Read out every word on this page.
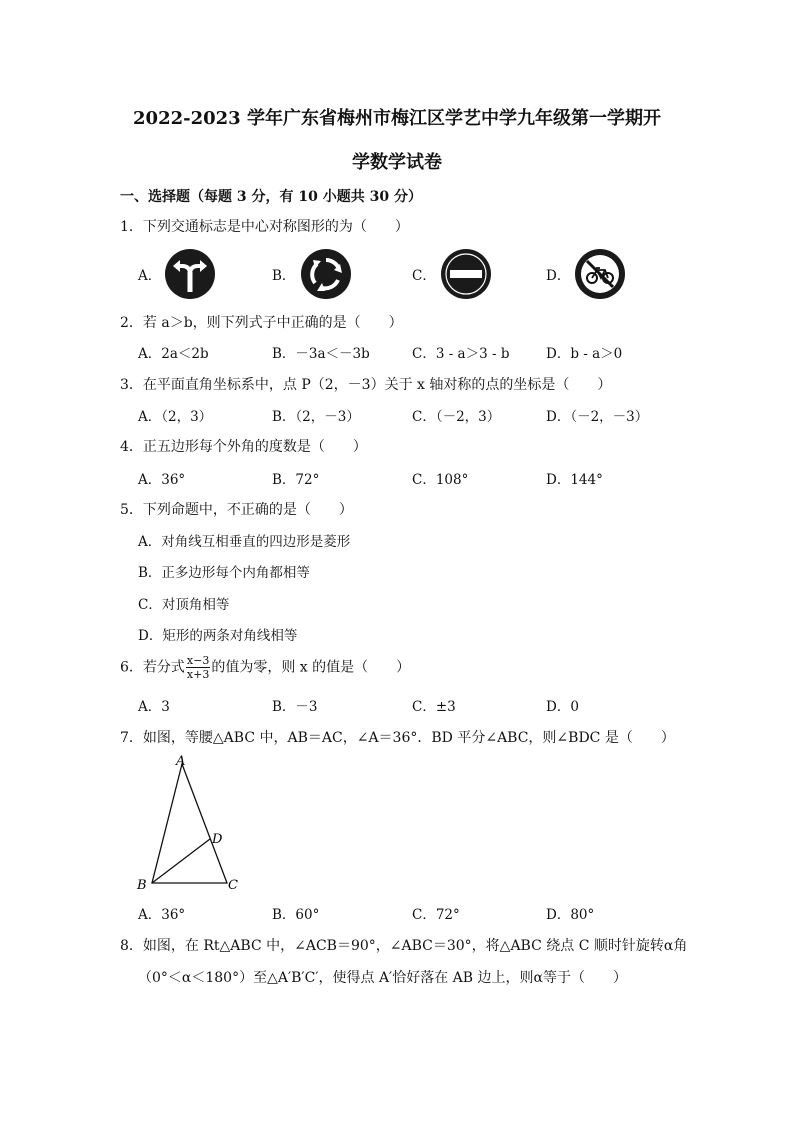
2022-2023 学年广东省梅州市梅江区学艺中学九年级第一学期开
学数学试卷
一、选择题（每题 3 分，有 10 小题共 30 分）
1．下列交通标志是中心对称图形的为（　　）
A．	B．	C．	D．
2．若 a＞b，则下列式子中正确的是（　　）
A．2a＜2b	B．－3a＜－3b	C．3 - a＞3 - b	D．b - a＞0
3．在平面直角坐标系中，点 P（2，－3）关于 x 轴对称的点的坐标是（　　）
A．（2，3）	B．（2，－3）	C．（－2，3）	D．（－2，－3）
4．正五边形每个外角的度数是（　　）
A．36°	B．72°	C．108°	D．144°
5．下列命题中，不正确的是（　　）
A．对角线互相垂直的四边形是菱形
B．正多边形每个内角都相等
C．对顶角相等
D．矩形的两条对角线相等
6．若分式 $\frac{x-3}{x+3}$ 的值为零，则 x 的值是（　　）
A．3	B．－3	C．±3	D．0
7．如图，等腰△ABC 中，AB＝AC，∠A＝36°．BD 平分∠ABC，则∠BDC 是（　　）
A
B	C
D
A．36°	B．60°	C．72°	D．80°
8．如图，在 Rt△ABC 中，∠ACB＝90°，∠ABC＝30°，将△ABC 绕点 C 顺时针旋转α角
（0°＜α＜180°）至△A′B′C′，使得点 A′恰好落在 AB 边上，则α等于（　　）
